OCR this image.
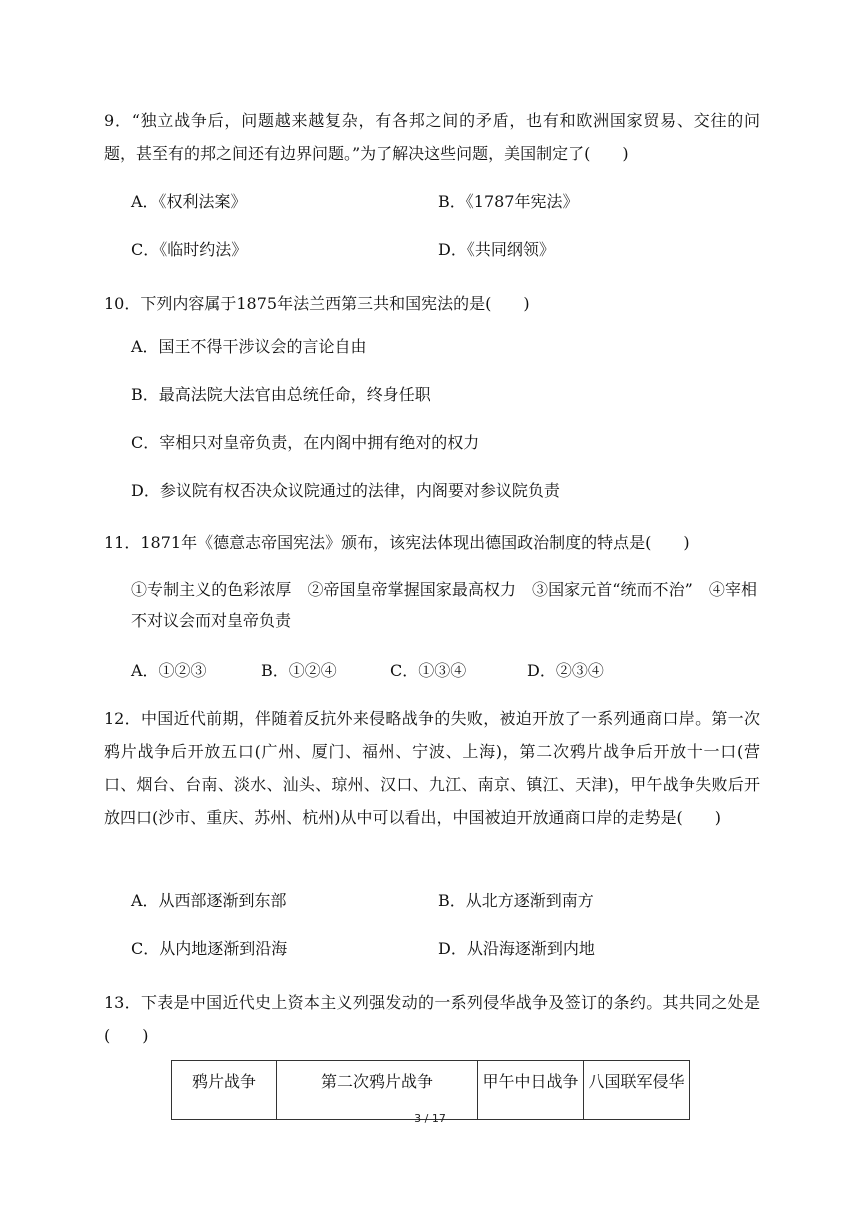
9．“独立战争后，问题越来越复杂，有各邦之间的矛盾，也有和欧洲国家贸易、交往的问题，甚至有的邦之间还有边界问题。”为了解决这些问题，美国制定了(　　)
A．《权利法案》	B．《1787年宪法》
C．《临时约法》	D．《共同纲领》
10．下列内容属于1875年法兰西第三共和国宪法的是(　　)
A．国王不得干涉议会的言论自由
B．最高法院大法官由总统任命，终身任职
C．宰相只对皇帝负责，在内阁中拥有绝对的权力
D．参议院有权否决众议院通过的法律，内阁要对参议院负责
11．1871年《德意志帝国宪法》颁布，该宪法体现出德国政治制度的特点是(　　)
①专制主义的色彩浓厚　②帝国皇帝掌握国家最高权力　③国家元首“统而不治”　④宰相不对议会而对皇帝负责
A．①②③	B．①②④	C．①③④	D．②③④
12．中国近代前期，伴随着反抗外来侵略战争的失败，被迫开放了一系列通商口岸。第一次鸦片战争后开放五口(广州、厦门、福州、宁波、上海)，第二次鸦片战争后开放十一口(营口、烟台、台南、淡水、汕头、琼州、汉口、九江、南京、镇江、天津)，甲午战争失败后开放四口(沙市、重庆、苏州、杭州)从中可以看出，中国被迫开放通商口岸的走势是(　　)
A．从西部逐渐到东部	B．从北方逐渐到南方
C．从内地逐渐到沿海	D．从沿海逐渐到内地
13．下表是中国近代史上资本主义列强发动的一系列侵华战争及签订的条约。其共同之处是(　　)
鸦片战争	第二次鸦片战争	甲午中日战争	八国联军侵华
3 / 17
